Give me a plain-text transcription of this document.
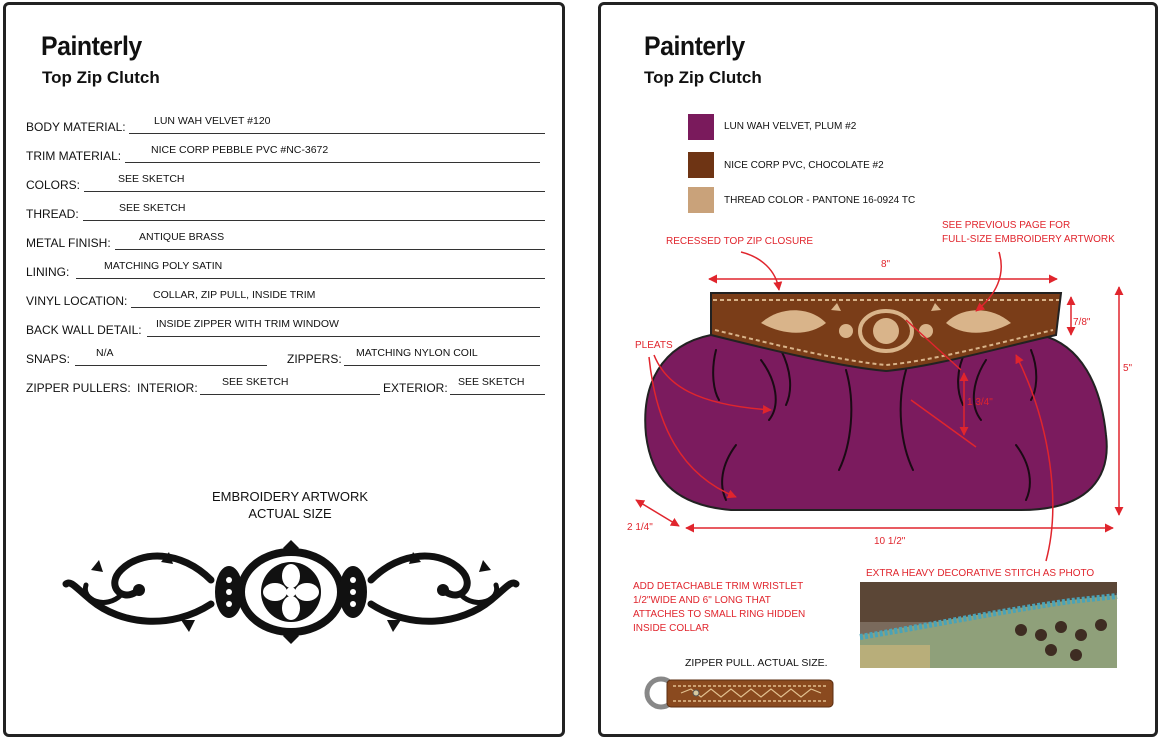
Painterly
Top Zip Clutch
BODY MATERIAL:	LUN WAH VELVET #120
TRIM MATERIAL:	NICE CORP PEBBLE PVC #NC-3672
COLORS:	SEE SKETCH
THREAD:	SEE SKETCH
METAL FINISH:	ANTIQUE BRASS
LINING:	MATCHING POLY SATIN
VINYL LOCATION: COLLAR, ZIP PULL, INSIDE TRIM
BACK WALL DETAIL: INSIDE ZIPPER WITH TRIM WINDOW
SNAPS: N/A	ZIPPERS: MATCHING NYLON COIL
ZIPPER PULLERS: INTERIOR: SEE SKETCH	EXTERIOR: SEE SKETCH
EMBROIDERY ARTWORK
ACTUAL SIZE
Painterly
Top Zip Clutch
LUN WAH VELVET, PLUM #2
NICE CORP PVC, CHOCOLATE #2
THREAD COLOR - PANTONE 16-0924 TC
RECESSED TOP ZIP CLOSURE
SEE PREVIOUS PAGE FOR
FULL-SIZE EMBROIDERY ARTWORK
PLEATS
ADD DETACHABLE TRIM WRISTLET
1/2"WIDE AND 6" LONG THAT
ATTACHES TO SMALL RING HIDDEN
INSIDE COLLAR
EXTRA HEAVY DECORATIVE STITCH AS PHOTO
8"
7/8"
5"
1 3/4"
2 1/4"
10 1/2"
ZIPPER PULL. ACTUAL SIZE.
